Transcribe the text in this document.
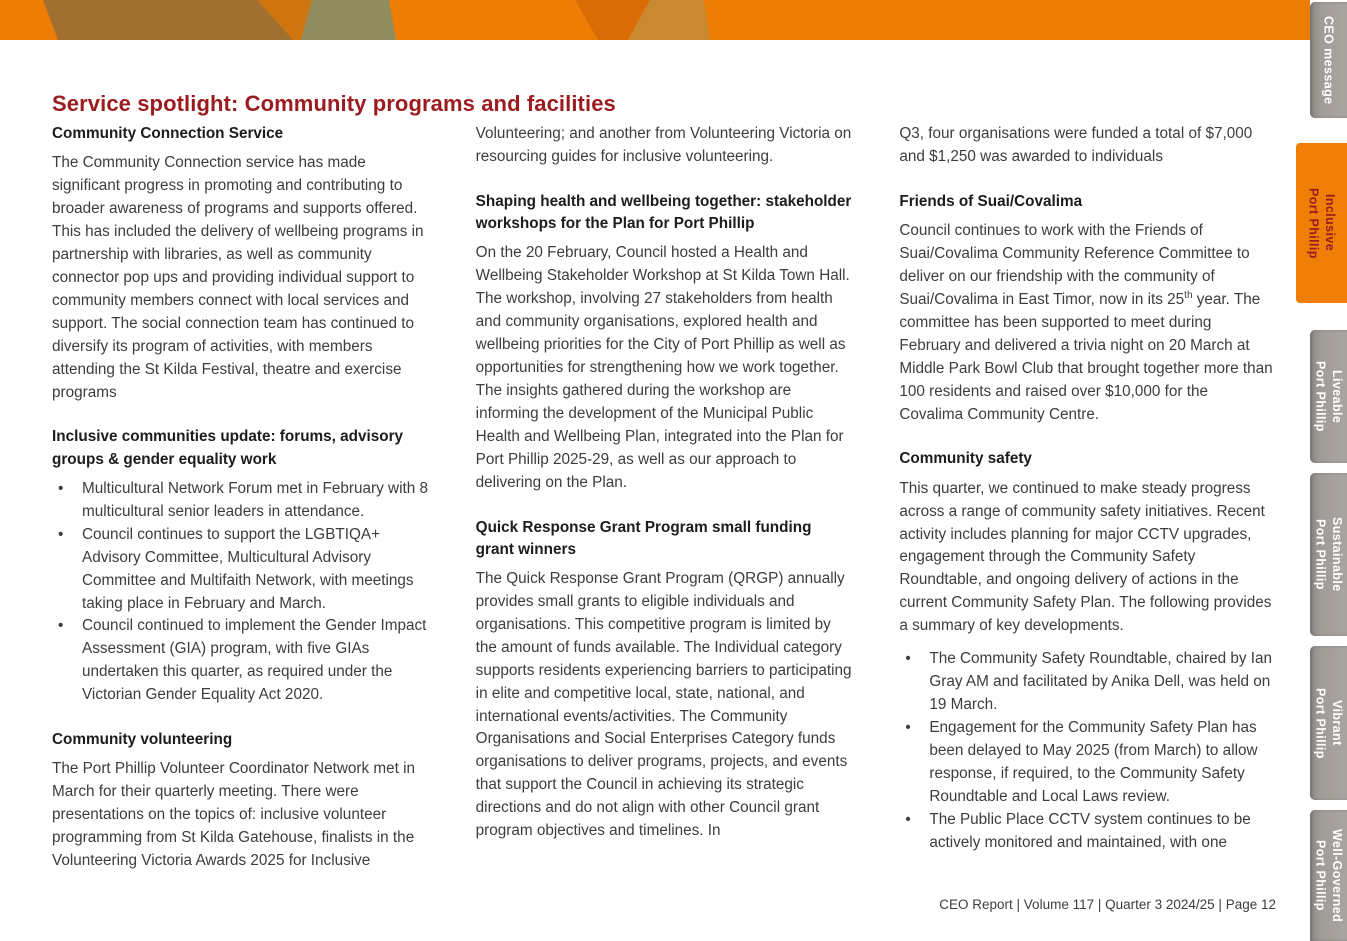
Service spotlight: Community programs and facilities
Community Connection Service

The Community Connection service has made significant progress in promoting and contributing to broader awareness of programs and supports offered. This has included the delivery of wellbeing programs in partnership with libraries, as well as community connector pop ups and providing individual support to community members connect with local services and support. The social connection team has continued to diversify its program of activities, with members attending the St Kilda Festival, theatre and exercise programs

Inclusive communities update: forums, advisory groups & gender equality work
• Multicultural Network Forum met in February with 8 multicultural senior leaders in attendance.
• Council continues to support the LGBTIQA+ Advisory Committee, Multicultural Advisory Committee and Multifaith Network, with meetings taking place in February and March.
• Council continued to implement the Gender Impact Assessment (GIA) program, with five GIAs undertaken this quarter, as required under the Victorian Gender Equality Act 2020.
Community volunteering

The Port Phillip Volunteer Coordinator Network met in March for their quarterly meeting. There were presentations on the topics of: inclusive volunteer programming from St Kilda Gatehouse, finalists in the Volunteering Victoria Awards 2025 for Inclusive

Volunteering; and another from Volunteering Victoria on resourcing guides for inclusive volunteering.

Shaping health and wellbeing together: stakeholder workshops for the Plan for Port Phillip

On the 20 February, Council hosted a Health and Wellbeing Stakeholder Workshop at St Kilda Town Hall. The workshop, involving 27 stakeholders from health and community organisations, explored health and wellbeing priorities for the City of Port Phillip as well as opportunities for strengthening how we work together. The insights gathered during the workshop are informing the development of the Municipal Public Health and Wellbeing Plan, integrated into the Plan for Port Phillip 2025-29, as well as our approach to delivering on the Plan.

Quick Response Grant Program small funding grant winners

The Quick Response Grant Program (QRGP) annually provides small grants to eligible individuals and organisations. This competitive program is limited by the amount of funds available. The Individual category supports residents experiencing barriers to participating in elite and competitive local, state, national, and international events/activities. The Community Organisations and Social Enterprises Category funds organisations to deliver programs, projects, and events that support the Council in achieving its strategic directions and do not align with other Council grant program objectives and timelines. In

Q3, four organisations were funded a total of $7,000 and $1,250 was awarded to individuals

Friends of Suai/Covalima

Council continues to work with the Friends of Suai/Covalima Community Reference Committee to deliver on our friendship with the community of Suai/Covalima in East Timor, now in its 25th year. The committee has been supported to meet during February and delivered a trivia night on 20 March at Middle Park Bowl Club that brought together more than 100 residents and raised over $10,000 for the Covalima Community Centre.

Community safety

This quarter, we continued to make steady progress across a range of community safety initiatives. Recent activity includes planning for major CCTV upgrades, engagement through the Community Safety Roundtable, and ongoing delivery of actions in the current Community Safety Plan. The following provides a summary of key developments.

• The Community Safety Roundtable, chaired by Ian Gray AM and facilitated by Anika Dell, was held on 19 March.
• Engagement for the Community Safety Plan has been delayed to May 2025 (from March) to allow response, if required, to the Community Safety Roundtable and Local Laws review.
• The Public Place CCTV system continues to be actively monitored and maintained, with one
CEO Report | Volume 117 | Quarter 3 2024/25 | Page 12
CEO message
Inclusive
Port Phillip
Liveable
Port Phillip
Sustainable
Port Phillip
Vibrant
Port Phillip
Well-Governed
Port Phillip
